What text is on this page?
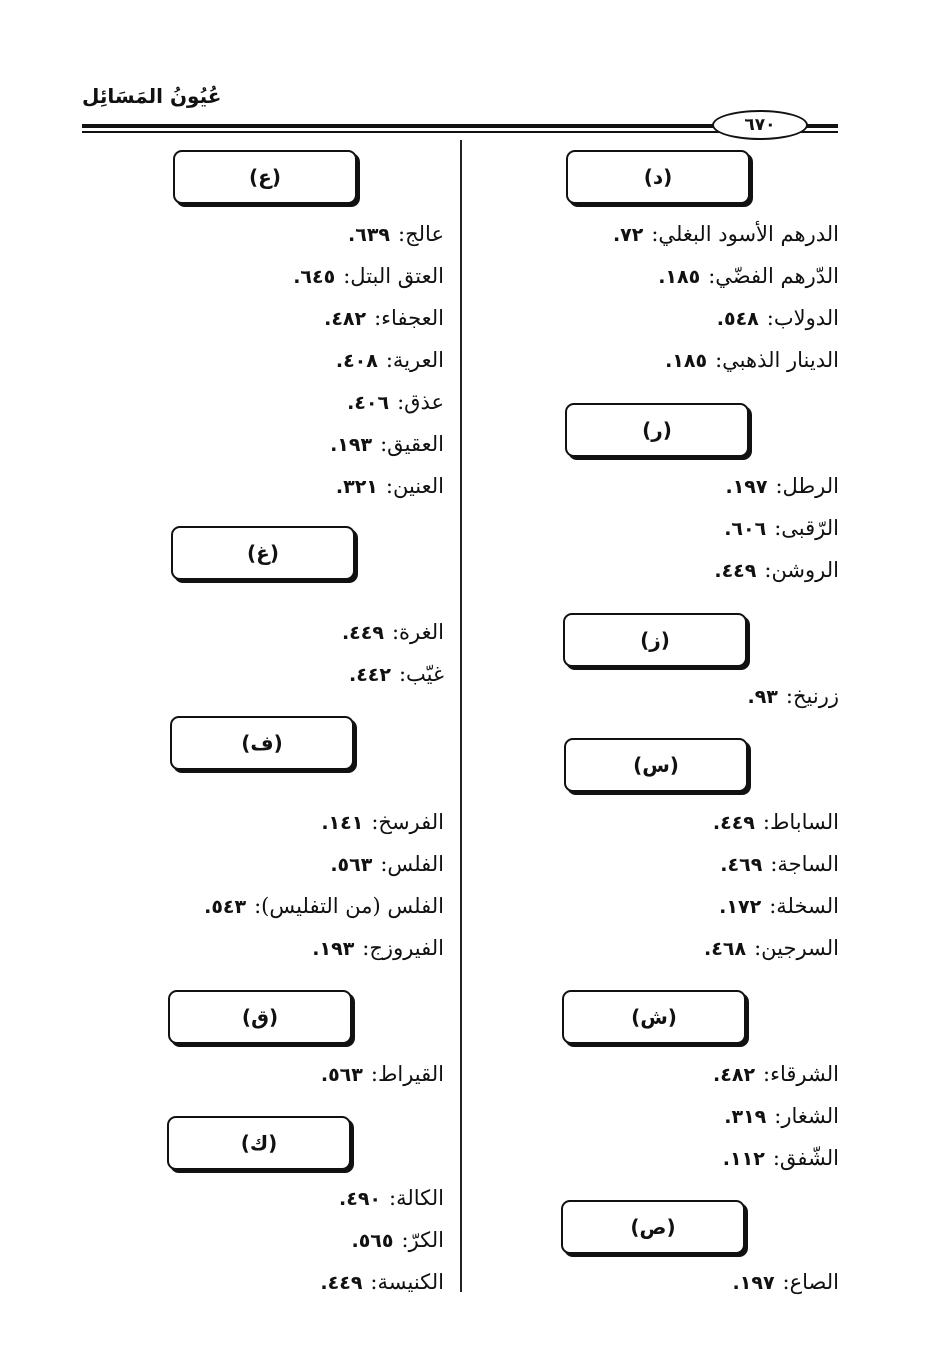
عُيُونُ المَسَائِل
٦٧٠
(د)
الدرهم الأسود البغلي:٧٢.
الدّرهم الفضّي:١٨٥.
الدولاب:٥٤٨.
الدينار الذهبي:١٨٥.
(ر)
الرطل:١٩٧.
الرّقبى:٦٠٦.
الروشن:٤٤٩.
(ز)
زرنيخ:٩٣.
(س)
الساباط:٤٤٩.
الساجة:٤٦٩.
السخلة:١٧٢.
السرجين:٤٦٨.
(ش)
الشرقاء:٤٨٢.
الشغار:٣١٩.
الشّفق:١١٢.
(ص)
الصاع:١٩٧.
(ع)
عالج:٦٣٩.
العتق البتل:٦٤٥.
العجفاء:٤٨٢.
العرية:٤٠٨.
عذق:٤٠٦.
العقيق:١٩٣.
العنين:٣٢١.
(غ)
الغرة:٤٤٩.
غيّب:٤٤٢.
(ف)
الفرسخ:١٤١.
الفلس:٥٦٣.
الفلس (من التفليس):٥٤٣.
الفيروزج:١٩٣.
(ق)
القيراط:٥٦٣.
(ك)
الكالة:٤٩٠.
الكرّ:٥٦٥.
الكنيسة:٤٤٩.
